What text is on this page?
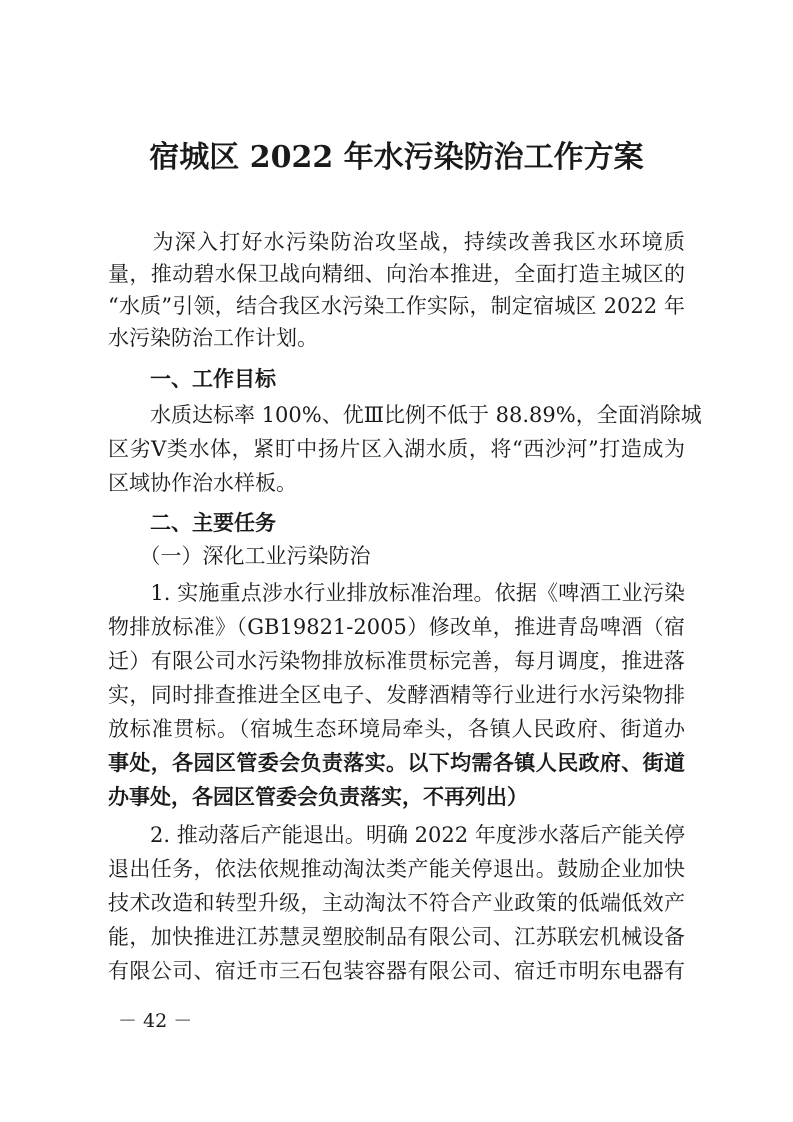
宿城区 2022 年水污染防治工作方案
　　为深入打好水污染防治攻坚战，持续改善我区水环境质
量，推动碧水保卫战向精细、向治本推进，全面打造主城区的
“水质”引领，结合我区水污染工作实际，制定宿城区 2022 年
水污染防治工作计划。
　　一、工作目标
　　水质达标率 100%、优Ⅲ比例不低于 88.89%，全面消除城
区劣Ⅴ类水体，紧盯中扬片区入湖水质，将“西沙河”打造成为
区域协作治水样板。
　　二、主要任务
　　（一）深化工业污染防治
　　1. 实施重点涉水行业排放标准治理。依据《啤酒工业污染
物排放标准》（GB19821-2005）修改单，推进青岛啤酒（宿
迁）有限公司水污染物排放标准贯标完善，每月调度，推进落
实，同时排查推进全区电子、发酵酒精等行业进行水污染物排
放标准贯标。（宿城生态环境局牵头，各镇人民政府、街道办
事处，各园区管委会负责落实。以下均需各镇人民政府、街道
办事处，各园区管委会负责落实，不再列出）
　　2. 推动落后产能退出。明确 2022 年度涉水落后产能关停
退出任务，依法依规推动淘汰类产能关停退出。鼓励企业加快
技术改造和转型升级，主动淘汰不符合产业政策的低端低效产
能，加快推进江苏慧灵塑胶制品有限公司、江苏联宏机械设备
有限公司、宿迁市三石包装容器有限公司、宿迁市明东电器有
－ 42 －
